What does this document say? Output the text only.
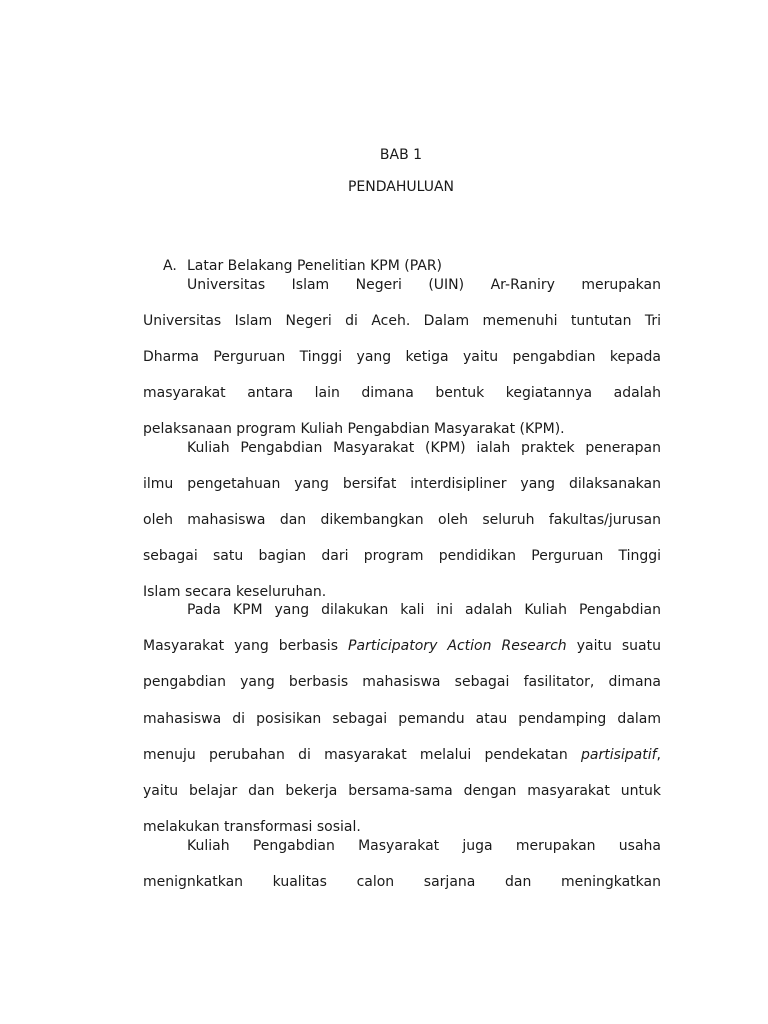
BAB 1
PENDAHULUAN
A. Latar Belakang Penelitian KPM (PAR)
Universitas Islam Negeri (UIN) Ar-Raniry merupakan
Universitas Islam Negeri di Aceh. Dalam memenuhi tuntutan Tri
Dharma Perguruan Tinggi yang ketiga yaitu pengabdian kepada
masyarakat antara lain dimana bentuk kegiatannya adalah
pelaksanaan program Kuliah Pengabdian Masyarakat (KPM).
Kuliah Pengabdian Masyarakat (KPM) ialah praktek penerapan
ilmu pengetahuan yang bersifat interdisipliner yang dilaksanakan
oleh mahasiswa dan dikembangkan oleh seluruh fakultas/jurusan
sebagai satu bagian dari program pendidikan Perguruan Tinggi
Islam secara keseluruhan.
Pada KPM yang dilakukan kali ini adalah Kuliah Pengabdian
Masyarakat yang berbasis Participatory Action Research yaitu suatu
pengabdian yang berbasis mahasiswa sebagai fasilitator, dimana
mahasiswa di posisikan sebagai pemandu atau pendamping dalam
menuju perubahan di masyarakat melalui pendekatan partisipatif,
yaitu belajar dan bekerja bersama-sama dengan masyarakat untuk
melakukan transformasi sosial.
Kuliah Pengabdian Masyarakat juga merupakan usaha
menignkatkan kualitas calon sarjana dan meningkatkan
